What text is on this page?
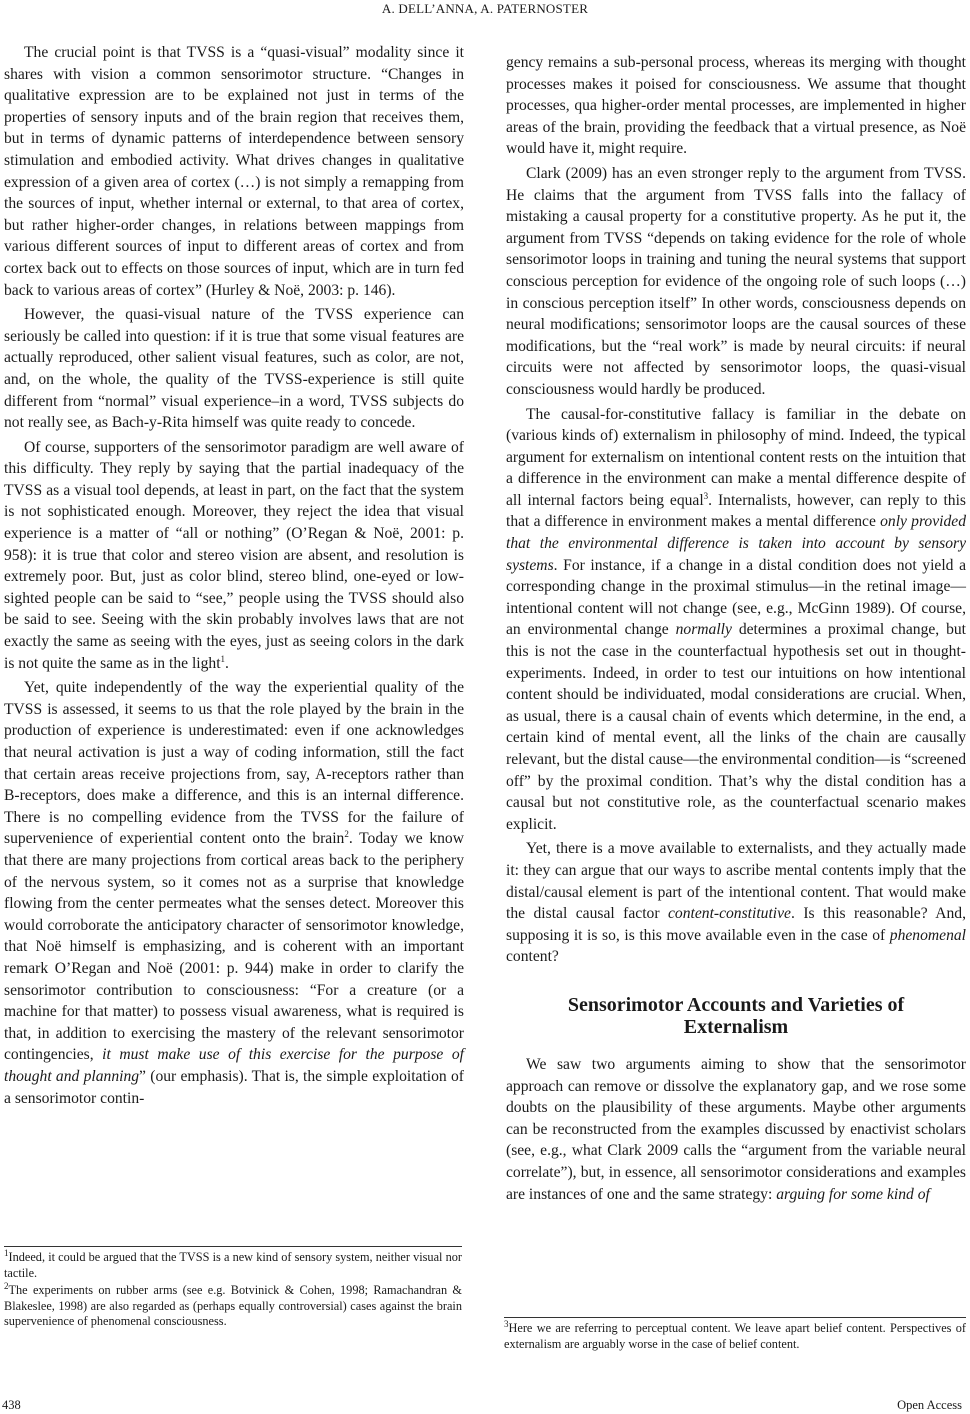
A. DELL’ANNA, A. PATERNOSTER

The crucial point is that TVSS is a “quasi-visual” modality since it shares with vision a common sensorimotor structure. “Changes in qualitative expression are to be explained not just in terms of the properties of sensory inputs and of the brain region that receives them, but in terms of dynamic patterns of interdependence between sensory stimulation and embodied activity. What drives changes in qualitative expression of a given area of cortex (…) is not simply a remapping from the sources of input, whether internal or external, to that area of cortex, but rather higher-order changes, in relations between mappings from various different sources of input to different areas of cortex and from cortex back out to effects on those sources of input, which are in turn fed back to various areas of cortex” (Hurley & Noë, 2003: p. 146).

However, the quasi-visual nature of the TVSS experience can seriously be called into question: if it is true that some visual features are actually reproduced, other salient visual features, such as color, are not, and, on the whole, the quality of the TVSS-experience is still quite different from “normal” visual experience–in a word, TVSS subjects do not really see, as Bach-y-Rita himself was quite ready to concede.

Of course, supporters of the sensorimotor paradigm are well aware of this difficulty. They reply by saying that the partial inadequacy of the TVSS as a visual tool depends, at least in part, on the fact that the system is not sophisticated enough. Moreover, they reject the idea that visual experience is a matter of “all or nothing” (O’Regan & Noë, 2001: p. 958): it is true that color and stereo vision are absent, and resolution is extremely poor. But, just as color blind, stereo blind, one-eyed or low-sighted people can be said to “see,” people using the TVSS should also be said to see. Seeing with the skin probably involves laws that are not exactly the same as seeing with the eyes, just as seeing colors in the dark is not quite the same as in the light$^1$.

Yet, quite independently of the way the experiential quality of the TVSS is assessed, it seems to us that the role played by the brain in the production of experience is underestimated: even if one acknowledges that neural activation is just a way of coding information, still the fact that certain areas receive projections from, say, A-receptors rather than B-receptors, does make a difference, and this is an internal difference. There is no compelling evidence from the TVSS for the failure of supervenience of experiential content onto the brain$^2$. Today we know that there are many projections from cortical areas back to the periphery of the nervous system, so it comes not as a surprise that knowledge flowing from the center permeates what the senses detect. Moreover this would corroborate the anticipatory character of sensorimotor knowledge, that Noë himself is emphasizing, and is coherent with an important remark O’Regan and Noë (2001: p. 944) make in order to clarify the sensorimotor contribution to consciousness: “For a creature (or a machine for that matter) to possess visual awareness, what is required is that, in addition to exercising the mastery of the relevant sensorimotor contingencies, it must make use of this exercise for the purpose of thought and planning” (our emphasis). That is, the simple exploitation of a sensorimotor contin-

gency remains a sub-personal process, whereas its merging with thought processes makes it poised for consciousness. We assume that thought processes, qua higher-order mental processes, are implemented in higher areas of the brain, providing the feedback that a virtual presence, as Noë would have it, might require.

Clark (2009) has an even stronger reply to the argument from TVSS. He claims that the argument from TVSS falls into the fallacy of mistaking a causal property for a constitutive property. As he put it, the argument from TVSS “depends on taking evidence for the role of whole sensorimotor loops in training and tuning the neural systems that support conscious perception for evidence of the ongoing role of such loops (…) in conscious perception itself” In other words, consciousness depends on neural modifications; sensorimotor loops are the causal sources of these modifications, but the “real work” is made by neural circuits: if neural circuits were not affected by sensorimotor loops, the quasi-visual consciousness would hardly be produced.

The causal-for-constitutive fallacy is familiar in the debate on (various kinds of) externalism in philosophy of mind. Indeed, the typical argument for externalism on intentional content rests on the intuition that a difference in the environment can make a mental difference despite of all internal factors being equal$^3$. Internalists, however, can reply to this that a difference in environment makes a mental difference only provided that the environmental difference is taken into account by sensory systems. For instance, if a change in a distal condition does not yield a corresponding change in the proximal stimulus—in the retinal image—intentional content will not change (see, e.g., McGinn 1989). Of course, an environmental change normally determines a proximal change, but this is not the case in the counterfactual hypothesis set out in thought-experiments. Indeed, in order to test our intuitions on how intentional content should be individuated, modal considerations are crucial. When, as usual, there is a causal chain of events which determine, in the end, a certain kind of mental event, all the links of the chain are causally relevant, but the distal cause—the environmental condition—is “screened off” by the proximal condition. That’s why the distal condition has a causal but not constitutive role, as the counterfactual scenario makes explicit.

Yet, there is a move available to externalists, and they actually made it: they can argue that our ways to ascribe mental contents imply that the distal/causal element is part of the intentional content. That would make the distal causal factor content-constitutive. Is this reasonable? And, supposing it is so, is this move available even in the case of phenomenal content?

Sensorimotor Accounts and Varieties of
Externalism

We saw two arguments aiming to show that the sensorimotor approach can remove or dissolve the explanatory gap, and we rose some doubts on the plausibility of these arguments. Maybe other arguments can be reconstructed from the examples discussed by enactivist scholars (see, e.g., what Clark 2009 calls the “argument from the variable neural correlate”), but, in essence, all sensorimotor considerations and examples are instances of one and the same strategy: arguing for some kind of

$^1$Indeed, it could be argued that the TVSS is a new kind of sensory system, neither visual nor tactile.

$^2$The experiments on rubber arms (see e.g. Botvinick & Cohen, 1998; Ramachandran & Blakeslee, 1998) are also regarded as (perhaps equally controversial) cases against the brain supervenience of phenomenal consciousness.	$^3$Here we are referring to perceptual content. We leave apart belief content. Perspectives of externalism are arguably worse in the case of belief content.

438	Open Access
